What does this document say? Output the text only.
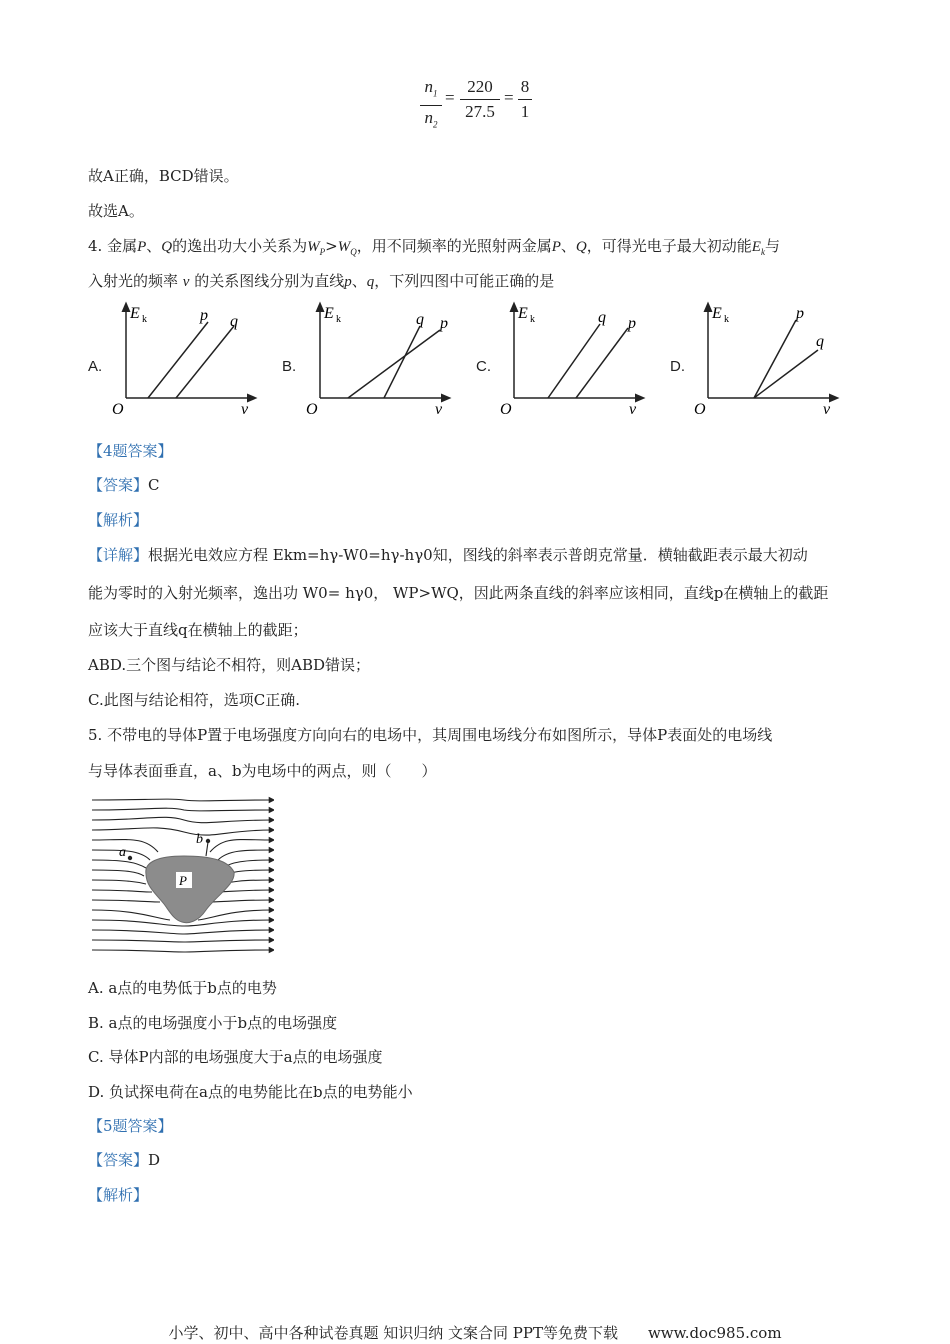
$n_1$
$n_2$
=
220
27.5
=
8
1
故A正确，BCD错误。
故选A。
4. 金属P、Q的逸出功大小关系为$W_P>W_Q$，用不同频率的光照射两金属P、Q，可得光电子最大初动能$E_k$与
入射光的频率 ν 的关系图线分别为直线p、q，下列四图中可能正确的是
A.	B.	C.	D.
E k
O	ν
p q	E k
O	ν
q p
E k
O	ν
q p
E k
O	ν
p
q
【4题答案】
【答案】C
【解析】
【详解】根据光电效应方程 Ekm=hγ-W0=hγ-hγ0知，图线的斜率表示普朗克常量．横轴截距表示最大初动
能为零时的入射光频率，逸出功 W0= hγ0， WP>WQ，因此两条直线的斜率应该相同，直线p在横轴上的截距
应该大于直线q在横轴上的截距；
ABD.三个图与结论不相符，则ABD错误；
C.此图与结论相符，选项C正确.
5. 不带电的导体P置于电场强度方向向右的电场中，其周围电场线分布如图所示，导体P表面处的电场线
与导体表面垂直，a、b为电场中的两点，则（　　）
P
a
b
A. a点的电势低于b点的电势
B. a点的电场强度小于b点的电场强度
C. 导体P内部的电场强度大于a点的电场强度
D. 负试探电荷在a点的电势能比在b点的电势能小
【5题答案】
【答案】D
【解析】
小学、初中、高中各种试卷真题 知识归纳 文案合同 PPT等免费下载　　www.doc985.com
